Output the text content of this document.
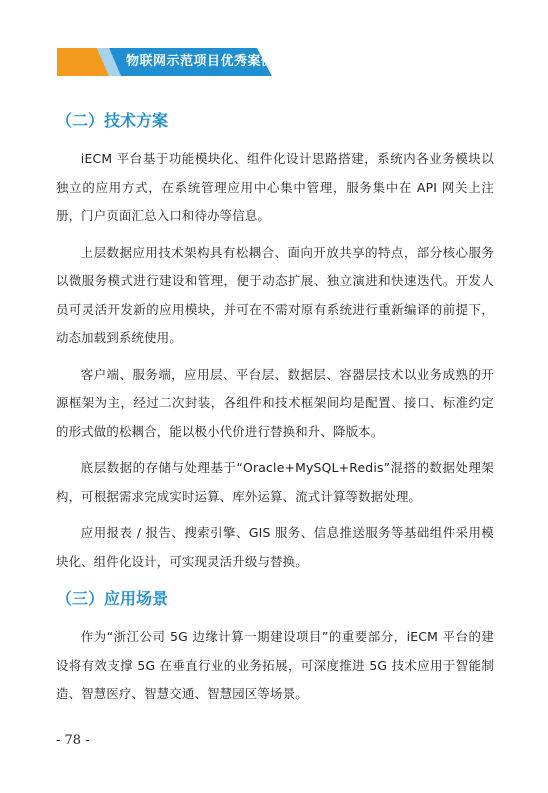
物联网示范项目优秀案例集
（二）技术方案

iECM 平台基于功能模块化、组件化设计思路搭建，系统内各业务模块以独立的应用方式，在系统管理应用中心集中管理，服务集中在 API 网关上注册，门户页面汇总入口和待办等信息。

上层数据应用技术架构具有松耦合、面向开放共享的特点，部分核心服务以微服务模式进行建设和管理，便于动态扩展、独立演进和快速迭代。开发人员可灵活开发新的应用模块，并可在不需对原有系统进行重新编译的前提下，动态加载到系统使用。

客户端、服务端，应用层、平台层、数据层、容器层技术以业务成熟的开源框架为主，经过二次封装，各组件和技术框架间均是配置、接口、标准约定的形式做的松耦合，能以极小代价进行替换和升、降版本。

底层数据的存储与处理基于“Oracle+MySQL+Redis”混搭的数据处理架构，可根据需求完成实时运算、库外运算、流式计算等数据处理。

应用报表 / 报告、搜索引擎、GIS 服务、信息推送服务等基础组件采用模块化、组件化设计，可实现灵活升级与替换。

（三）应用场景

作为“浙江公司 5G 边缘计算一期建设项目”的重要部分，iECM 平台的建设将有效支撑 5G 在垂直行业的业务拓展，可深度推进 5G 技术应用于智能制造、智慧医疗、智慧交通、智慧园区等场景。

- 78 -
